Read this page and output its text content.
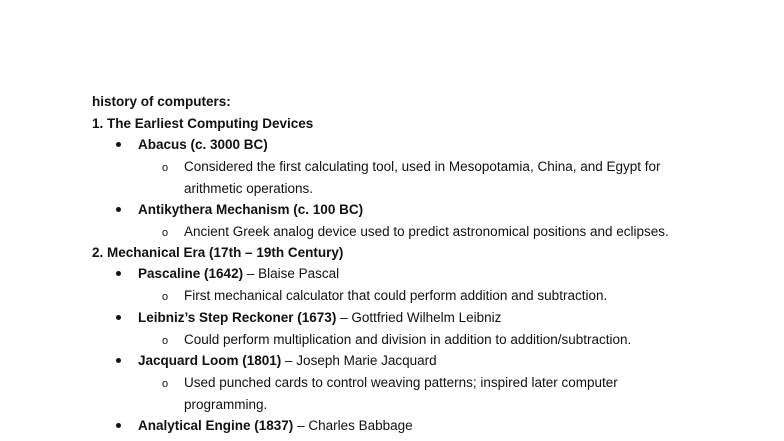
history of computers:
1. The Earliest Computing Devices
Abacus (c. 3000 BC)
o Considered the first calculating tool, used in Mesopotamia, China, and Egypt for
arithmetic operations.
Antikythera Mechanism (c. 100 BC)
o Ancient Greek analog device used to predict astronomical positions and eclipses.
2. Mechanical Era (17th – 19th Century)
Pascaline (1642) – Blaise Pascal
o First mechanical calculator that could perform addition and subtraction.
Leibniz’s Step Reckoner (1673) – Gottfried Wilhelm Leibniz
o Could perform multiplication and division in addition to addition/subtraction.
Jacquard Loom (1801) – Joseph Marie Jacquard
o Used punched cards to control weaving patterns; inspired later computer
programming.
Analytical Engine (1837) – Charles Babbage
